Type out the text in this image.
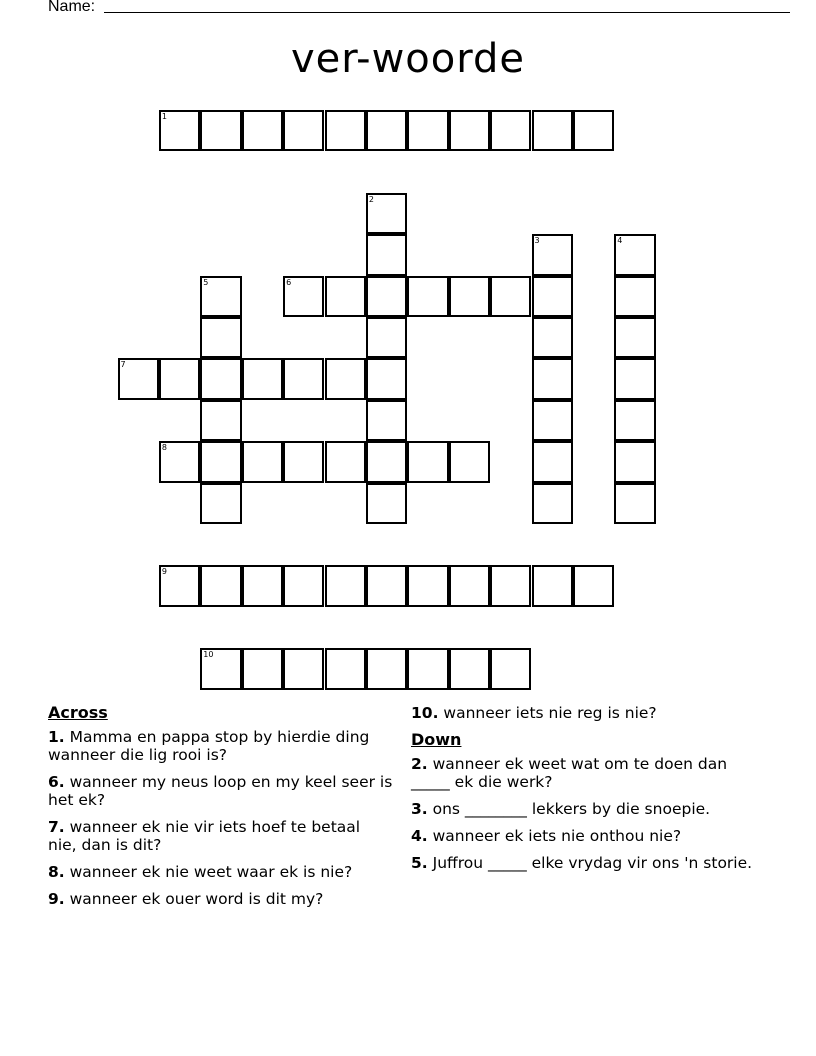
Name:
ver-woorde
1
2
3	4
5	6
7
8
9
10
Across
1. Mamma en pappa stop by hierdie ding wanneer die lig rooi is?
6. wanneer my neus loop en my keel seer is het ek?
7. wanneer ek nie vir iets hoef te betaal nie, dan is dit?
8. wanneer ek nie weet waar ek is nie?
9. wanneer ek ouer word is dit my?
10. wanneer iets nie reg is nie?
Down
2. wanneer ek weet wat om te doen dan _____ ek die werk?
3. ons ________ lekkers by die snoepie.
4. wanneer ek iets nie onthou nie?
5. Juffrou _____ elke vrydag vir ons 'n storie.
